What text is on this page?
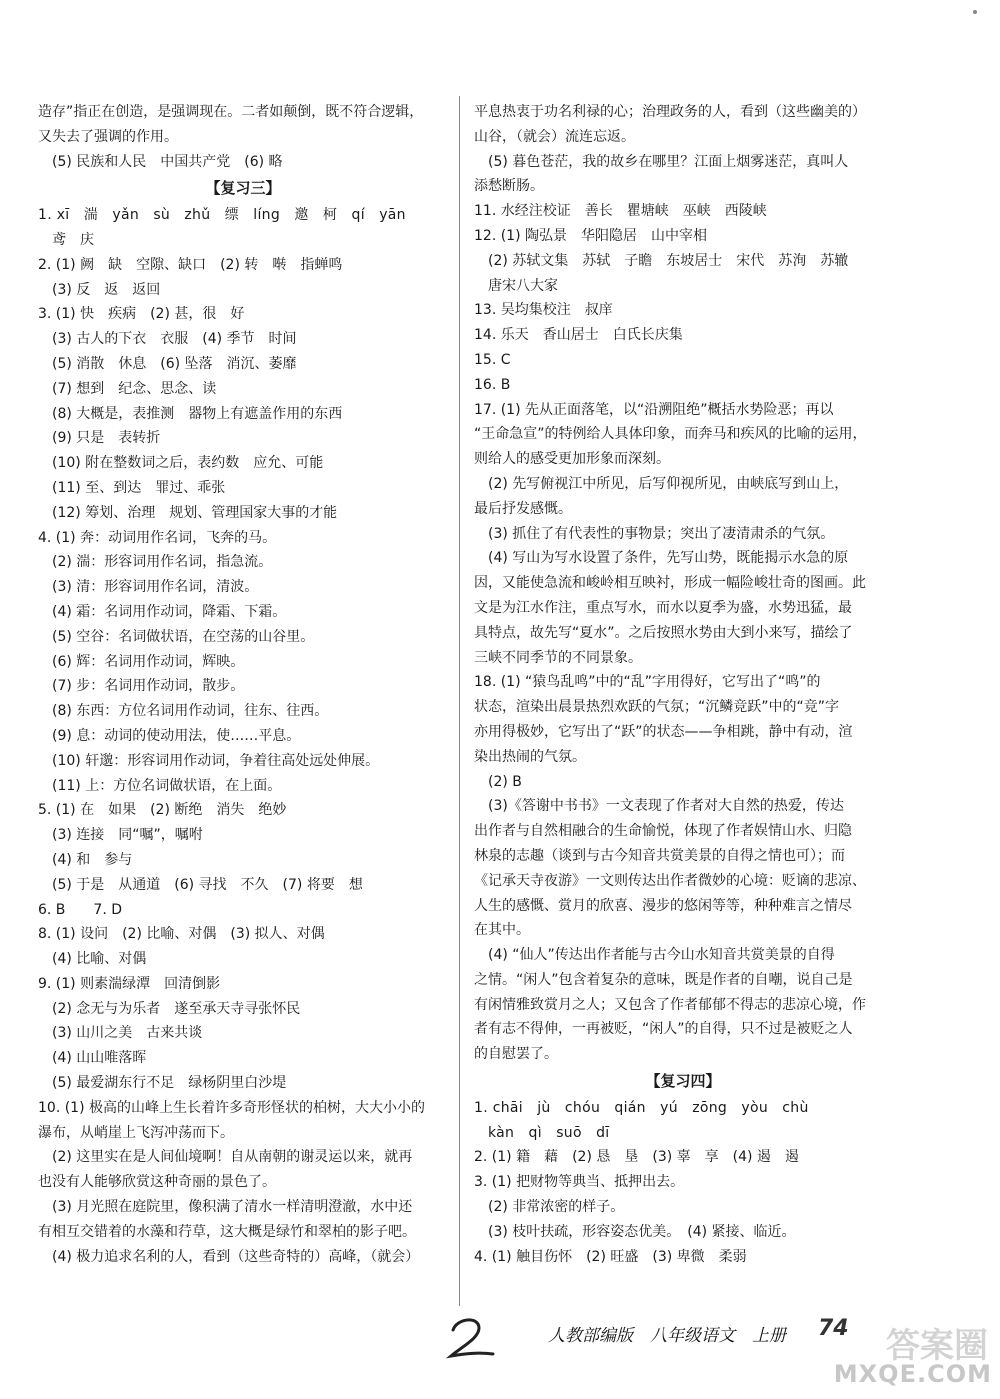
造存”指正在创造，是强调现在。二者如颠倒，既不符合逻辑，
又失去了强调的作用。
(5) 民族和人民　中国共产党　(6) 略
【复习三】
1. xī　湍　yǎn　sù　zhǔ　缥　líng　邀　柯　qí　yān
鸢　庆
2. (1) 阙　缺　空隙、缺口　(2) 转　啭　指蝉鸣
(3) 反　返　返回
3. (1) 快　疾病　(2) 甚，很　好
(3) 古人的下衣　衣服　(4) 季节　时间
(5) 消散　休息　(6) 坠落　消沉、萎靡
(7) 想到　纪念、思念、读
(8) 大概是，表推测　器物上有遮盖作用的东西
(9) 只是　表转折
(10) 附在整数词之后，表约数　应允、可能
(11) 至、到达　罪过、乖张
(12) 筹划、治理　规划、管理国家大事的才能
4. (1) 奔：动词用作名词，飞奔的马。
(2) 湍：形容词用作名词，指急流。
(3) 清：形容词用作名词，清波。
(4) 霜：名词用作动词，降霜、下霜。
(5) 空谷：名词做状语，在空荡的山谷里。
(6) 辉：名词用作动词，辉映。
(7) 步：名词用作动词，散步。
(8) 东西：方位名词用作动词，往东、往西。
(9) 息：动词的使动用法，使……平息。
(10) 轩邈：形容词用作动词，争着往高处远处伸展。
(11) 上：方位名词做状语，在上面。
5. (1) 在　如果　(2) 断绝　消失　绝妙
(3) 连接　同“嘱”，嘱咐
(4) 和　参与
(5) 于是　从通道　(6) 寻找　不久　(7) 将要　想
6. B　　7. D
8. (1) 设问　(2) 比喻、对偶　(3) 拟人、对偶
(4) 比喻、对偶
9. (1) 则素湍绿潭　回清倒影
(2) 念无与为乐者　遂至承天寺寻张怀民
(3) 山川之美　古来共谈
(4) 山山唯落晖
(5) 最爱湖东行不足　绿杨阴里白沙堤
10. (1) 极高的山峰上生长着许多奇形怪状的柏树，大大小小的
瀑布，从峭崖上飞泻冲荡而下。
(2) 这里实在是人间仙境啊！自从南朝的谢灵运以来，就再
也没有人能够欣赏这种奇丽的景色了。
(3) 月光照在庭院里，像积满了清水一样清明澄澈，水中还
有相互交错着的水藻和荇草，这大概是绿竹和翠柏的影子吧。
(4) 极力追求名利的人，看到（这些奇特的）高峰，（就会）
平息热衷于功名利禄的心；治理政务的人，看到（这些幽美的）
山谷，（就会）流连忘返。
(5) 暮色苍茫，我的故乡在哪里？江面上烟雾迷茫，真叫人
添愁断肠。
11. 水经注校证　善长　瞿塘峡　巫峡　西陵峡
12. (1) 陶弘景　华阳隐居　山中宰相
(2) 苏轼文集　苏轼　子瞻　东坡居士　宋代　苏洵　苏辙
唐宋八大家
13. 吴均集校注　叔庠
14. 乐天　香山居士　白氏长庆集
15. C
16. B
17. (1) 先从正面落笔，以“沿溯阻绝”概括水势险恶；再以
“王命急宣”的特例给人具体印象，而奔马和疾风的比喻的运用，
则给人的感受更加形象而深刻。
(2) 先写俯视江中所见，后写仰视所见，由峡底写到山上，
最后抒发感慨。
(3) 抓住了有代表性的事物景；突出了凄清肃杀的气氛。
(4) 写山为写水设置了条件，先写山势，既能揭示水急的原
因，又能使急流和峻岭相互映衬，形成一幅险峻壮奇的图画。此
文是为江水作注，重点写水，而水以夏季为盛，水势迅猛，最
具特点，故先写“夏水”。之后按照水势由大到小来写，描绘了
三峡不同季节的不同景象。
18. (1) “猿鸟乱鸣”中的“乱”字用得好，它写出了“鸣”的
状态，渲染出晨景热烈欢跃的气氛；“沉鳞竞跃”中的“竞”字
亦用得极妙，它写出了“跃”的状态——争相跳，静中有动，渲
染出热闹的气氛。
(2) B
(3)《答谢中书书》一文表现了作者对大自然的热爱，传达
出作者与自然相融合的生命愉悦，体现了作者娱情山水、归隐
林泉的志趣（谈到与古今知音共赏美景的自得之情也可）；而
《记承天寺夜游》一文则传达出作者微妙的心境：贬谪的悲凉、
人生的感慨、赏月的欣喜、漫步的悠闲等等，种种难言之情尽
在其中。
(4) “仙人”传达出作者能与古今山水知音共赏美景的自得
之情。“闲人”包含着复杂的意味，既是作者的自嘲，说自己是
有闲情雅致赏月之人；又包含了作者郁郁不得志的悲凉心境，作
者有志不得伸，一再被贬，“闲人”的自得，只不过是被贬之人
的自慰罢了。
【复习四】
1. chāi　jù　chóu　qián　yú　zōng　yòu　chù
kàn　qì　suō　dī
2. (1) 籍　藉　(2) 恳　垦　(3) 辜　享　(4) 遏　遏
3. (1) 把财物等典当、抵押出去。
(2) 非常浓密的样子。
(3) 枝叶扶疏，形容姿态优美。　(4) 紧接、临近。
4. (1) 触目伤怀　(2) 旺盛　(3) 卑微　柔弱
人教部编版　八年级语文　上册 74 答案圈
MXQE.COM
